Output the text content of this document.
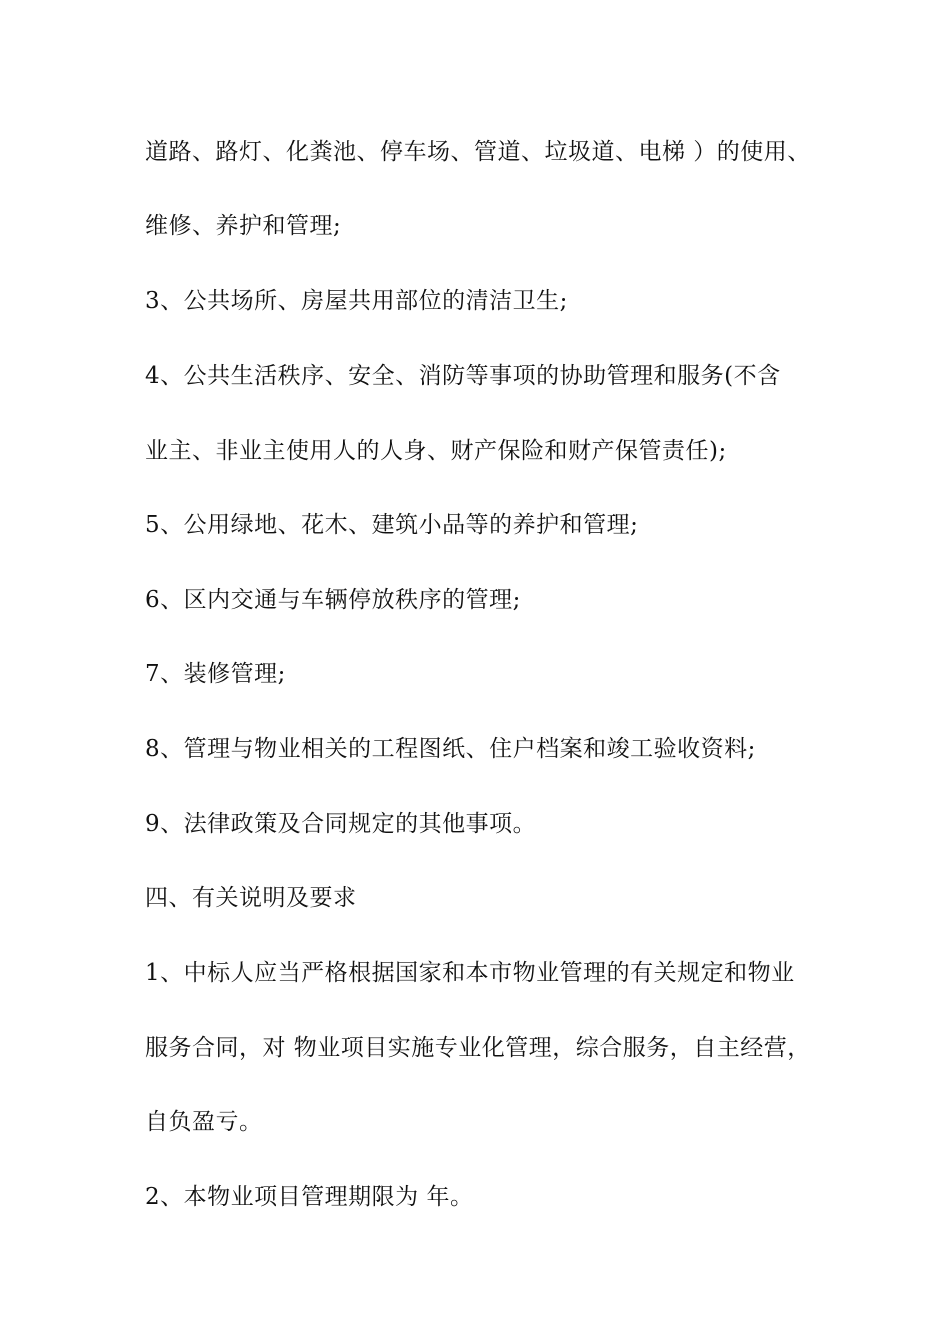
道路、路灯、化粪池、停车场、管道、垃圾道、电梯 ）的使用、
维修、养护和管理;
3、公共场所、房屋共用部位的清洁卫生;
4、公共生活秩序、安全、消防等事项的协助管理和服务(不含
业主、非业主使用人的人身、财产保险和财产保管责任);
5、公用绿地、花木、建筑小品等的养护和管理;
6、区内交通与车辆停放秩序的管理;
7、装修管理;
8、管理与物业相关的工程图纸、住户档案和竣工验收资料;
9、法律政策及合同规定的其他事项。
四、有关说明及要求
1、中标人应当严格根据国家和本市物业管理的有关规定和物业
服务合同，对 物业项目实施专业化管理，综合服务，自主经营，
自负盈亏。
2、本物业项目管理期限为 年。
